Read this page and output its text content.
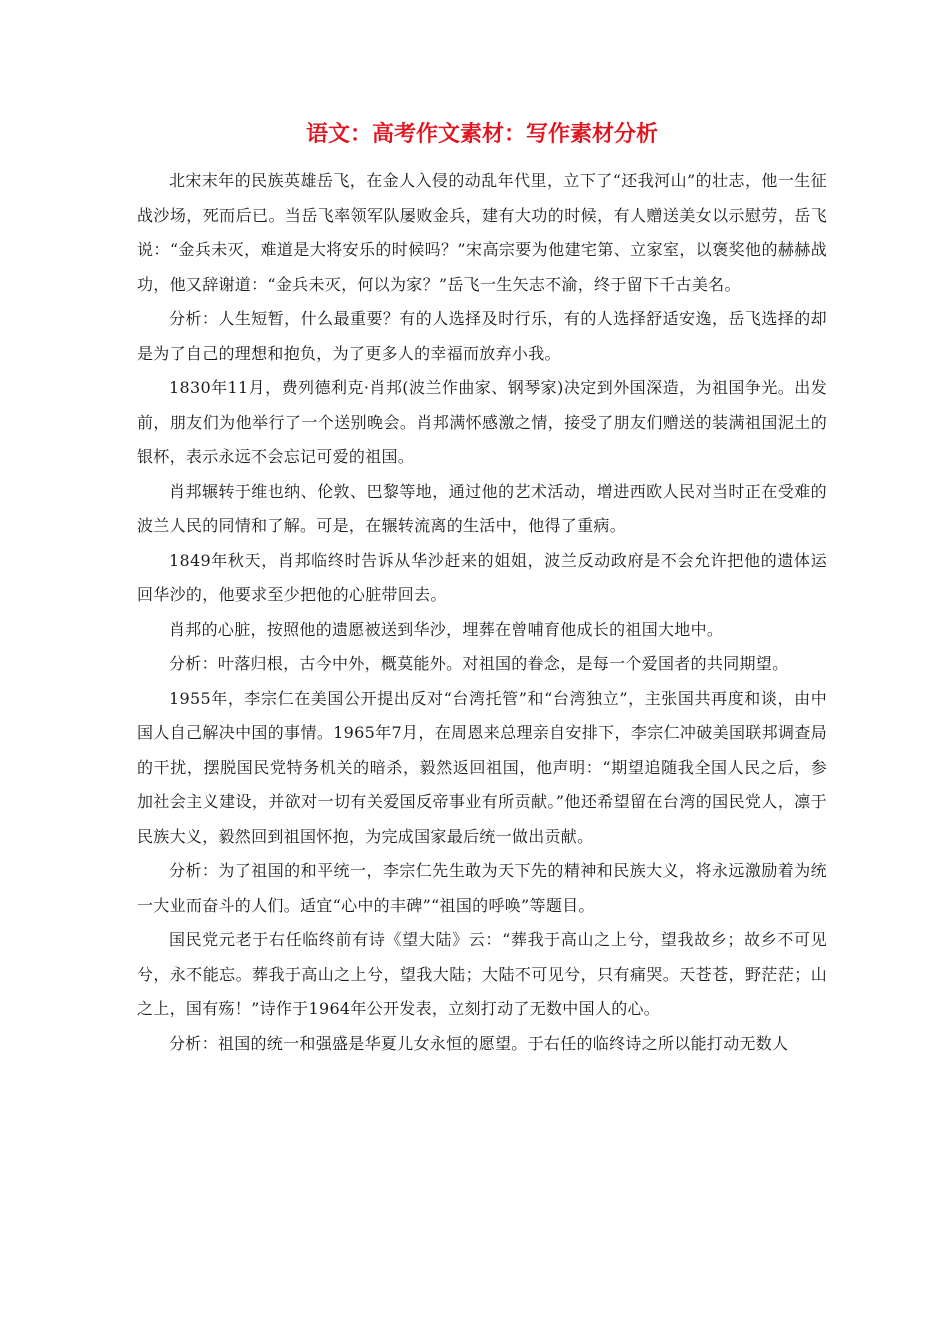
语文：高考作文素材：写作素材分析

北宋末年的民族英雄岳飞，在金人入侵的动乱年代里，立下了“还我河山”的壮志，他一生征战沙场，死而后已。当岳飞率领军队屡败金兵，建有大功的时候，有人赠送美女以示慰劳，岳飞说：“金兵未灭，难道是大将安乐的时候吗？”宋高宗要为他建宅第、立家室，以褒奖他的赫赫战功，他又辞谢道：“金兵未灭，何以为家？”岳飞一生矢志不渝，终于留下千古美名。

分析：人生短暂，什么最重要？有的人选择及时行乐，有的人选择舒适安逸，岳飞选择的却是为了自己的理想和抱负，为了更多人的幸福而放弃小我。

1830年11月，费列德利克·肖邦(波兰作曲家、钢琴家)决定到外国深造，为祖国争光。出发前，朋友们为他举行了一个送别晚会。肖邦满怀感激之情，接受了朋友们赠送的装满祖国泥土的银杯，表示永远不会忘记可爱的祖国。

肖邦辗转于维也纳、伦敦、巴黎等地，通过他的艺术活动，增进西欧人民对当时正在受难的波兰人民的同情和了解。可是，在辗转流离的生活中，他得了重病。

1849年秋天，肖邦临终时告诉从华沙赶来的姐姐，波兰反动政府是不会允许把他的遗体运回华沙的，他要求至少把他的心脏带回去。

肖邦的心脏，按照他的遗愿被送到华沙，埋葬在曾哺育他成长的祖国大地中。

分析：叶落归根，古今中外，概莫能外。对祖国的眷念，是每一个爱国者的共同期望。

1955年，李宗仁在美国公开提出反对“台湾托管”和“台湾独立”，主张国共再度和谈，由中国人自己解决中国的事情。1965年7月，在周恩来总理亲自安排下，李宗仁冲破美国联邦调查局的干扰，摆脱国民党特务机关的暗杀，毅然返回祖国，他声明：“期望追随我全国人民之后，参加社会主义建设，并欲对一切有关爱国反帝事业有所贡献。”他还希望留在台湾的国民党人，凛于民族大义，毅然回到祖国怀抱，为完成国家最后统一做出贡献。

分析：为了祖国的和平统一，李宗仁先生敢为天下先的精神和民族大义，将永远激励着为统一大业而奋斗的人们。适宜“心中的丰碑”“祖国的呼唤”等题目。

国民党元老于右任临终前有诗《望大陆》云：“葬我于高山之上兮，望我故乡；故乡不可见兮，永不能忘。葬我于高山之上兮，望我大陆；大陆不可见兮，只有痛哭。天苍苍，野茫茫；山之上，国有殇！”诗作于1964年公开发表，立刻打动了无数中国人的心。

分析：祖国的统一和强盛是华夏儿女永恒的愿望。于右任的临终诗之所以能打动无数人
